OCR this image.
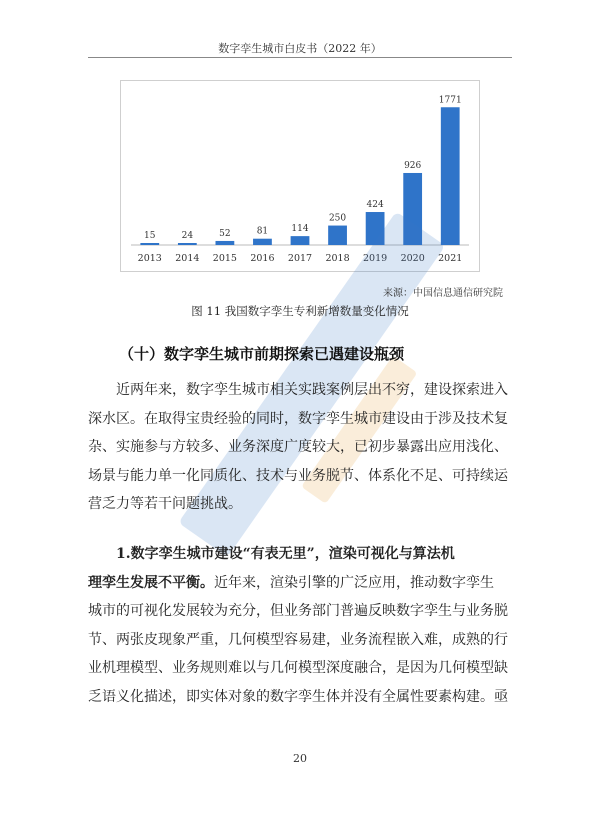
数字孪生城市白皮书（2022 年）
15
2013
24
2014
52
2015
81
2016
114
2017
250
2018
424
2019
926
2020
1771
2021
来源：中国信息通信研究院
图 11 我国数字孪生专利新增数量变化情况
（十）数字孪生城市前期探索已遇建设瓶颈

近两年来，数字孪生城市相关实践案例层出不穷，建设探索进入

深水区。在取得宝贵经验的同时，数字孪生城市建设由于涉及技术复

杂、实施参与方较多、业务深度广度较大，已初步暴露出应用浅化、

场景与能力单一化同质化、技术与业务脱节、体系化不足、可持续运

营乏力等若干问题挑战。

1.数字孪生城市建设“有表无里”，渲染可视化与算法机

理孪生发展不平衡。近年来，渲染引擎的广泛应用，推动数字孪生

城市的可视化发展较为充分，但业务部门普遍反映数字孪生与业务脱

节、两张皮现象严重，几何模型容易建，业务流程嵌入难，成熟的行

业机理模型、业务规则难以与几何模型深度融合，是因为几何模型缺

乏语义化描述，即实体对象的数字孪生体并没有全属性要素构建。亟

20
